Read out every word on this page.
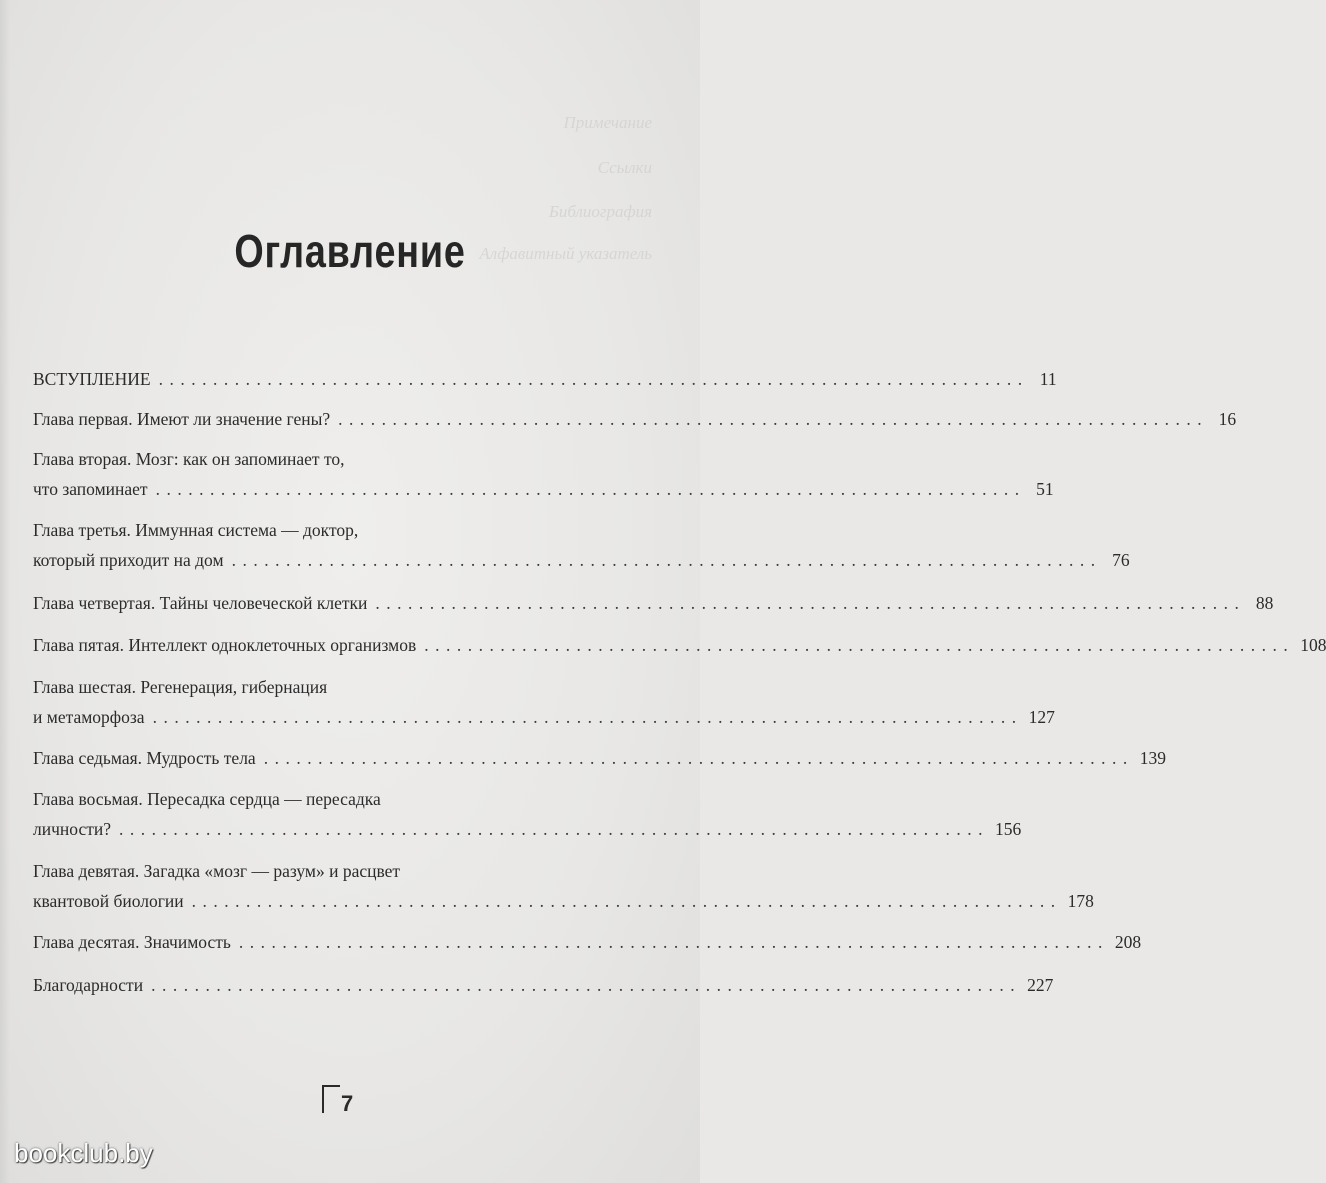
Примечание
Ссылки
Библиография
Алфавитный указатель
Оглавление
ВСТУПЛЕНИЕ ................................................................................ 11
Глава первая. Имеют ли значение гены? ................................................................................ 16
Глава вторая. Мозг: как он запоминает то,
что запоминает ................................................................................ 51
Глава третья. Иммунная система — доктор,
который приходит на дом ................................................................................ 76
Глава четвертая. Тайны человеческой клетки ................................................................................ 88
Глава пятая. Интеллект одноклеточных организмов ................................................................................ 108
Глава шестая. Регенерация, гибернация
и метаморфоза ................................................................................ 127
Глава седьмая. Мудрость тела ................................................................................ 139
Глава восьмая. Пересадка сердца — пересадка
личности? ................................................................................ 156
Глава девятая. Загадка «мозг — разум» и расцвет
квантовой биологии ................................................................................ 178
Глава десятая. Значимость ................................................................................ 208
Благодарности ................................................................................ 227
7
bookclub.by
